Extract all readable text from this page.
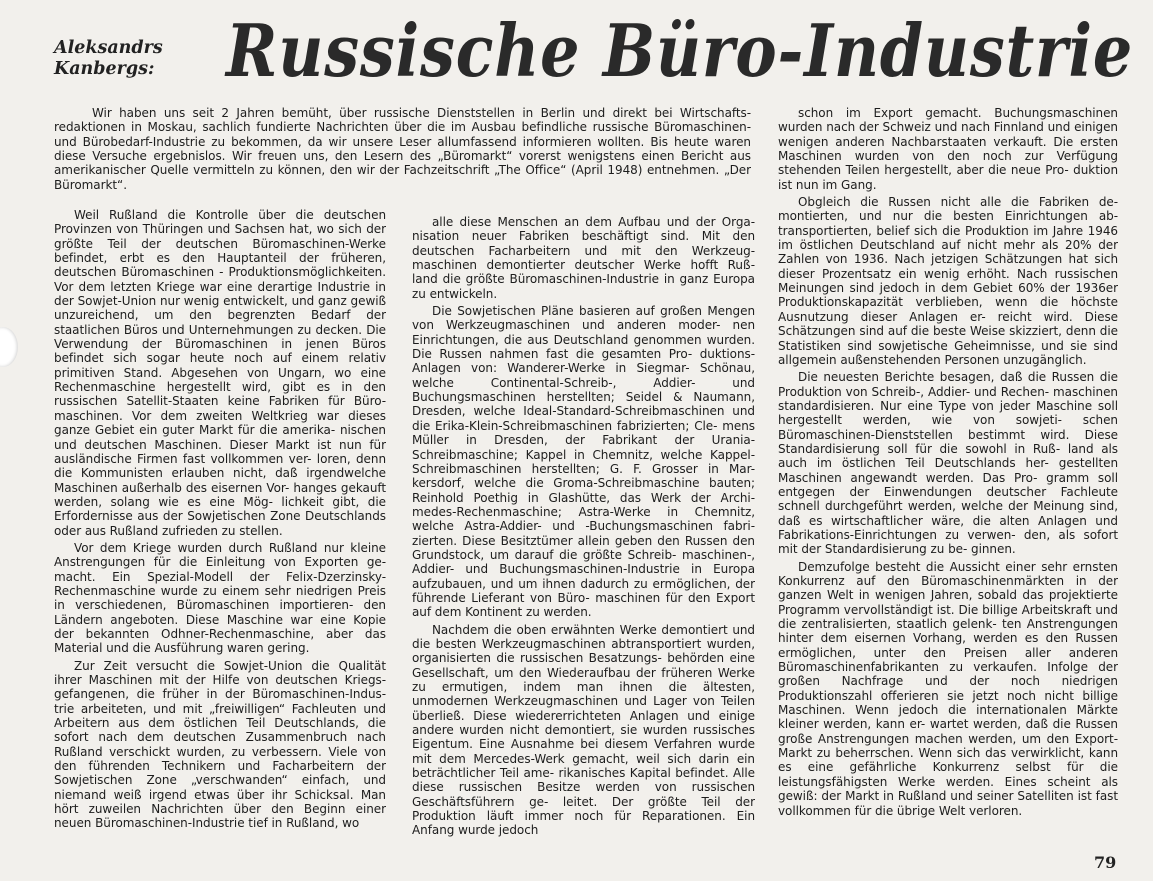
Aleksandrs Kanbergs: Russische Büro-Industrie

Wir haben uns seit 2 Jahren bemüht, über russische Dienststellen in Berlin und direkt bei Wirtschafts- redaktionen in Moskau, sachlich fundierte Nachrichten über die im Ausbau befindliche russische Büromaschinen- und Bürobedarf-Industrie zu bekommen, da wir unsere Leser allumfassend informieren wollten. Bis heute waren diese Versuche ergebnislos. Wir freuen uns, den Lesern des „Büromarkt“ vorerst wenigstens einen Bericht aus amerikanischer Quelle vermitteln zu können, den wir der Fachzeitschrift „The Office“ (April 1948) entnehmen. „Der Büromarkt“.

Weil Rußland die Kontrolle über die deutschen Provinzen von Thüringen und Sachsen hat, wo sich der größte Teil der deutschen Büromaschinen-Werke befindet, erbt es den Hauptanteil der früheren, deutschen Büromaschinen - Produktionsmöglichkeiten. Vor dem letzten Kriege war eine derartige Industrie in der Sowjet-Union nur wenig entwickelt, und ganz gewiß unzureichend, um den begrenzten Bedarf der staatlichen Büros und Unternehmungen zu decken. Die Verwendung der Büromaschinen in jenen Büros befindet sich sogar heute noch auf einem relativ primitiven Stand. Abgesehen von Ungarn, wo eine Rechenmaschine hergestellt wird, gibt es in den russischen Satellit-Staaten keine Fabriken für Büro- maschinen. Vor dem zweiten Weltkrieg war dieses ganze Gebiet ein guter Markt für die amerika- nischen und deutschen Maschinen. Dieser Markt ist nun für ausländische Firmen fast vollkommen ver- loren, denn die Kommunisten erlauben nicht, daß irgendwelche Maschinen außerhalb des eisernen Vor- hanges gekauft werden, solang wie es eine Mög- lichkeit gibt, die Erfordernisse aus der Sowjetischen Zone Deutschlands oder aus Rußland zufrieden zu stellen.

Vor dem Kriege wurden durch Rußland nur kleine Anstrengungen für die Einleitung von Exporten ge- macht. Ein Spezial-Modell der Felix-Dzerzinsky- Rechenmaschine wurde zu einem sehr niedrigen Preis in verschiedenen, Büromaschinen importieren- den Ländern angeboten. Diese Maschine war eine Kopie der bekannten Odhner-Rechenmaschine, aber das Material und die Ausführung waren gering.

Zur Zeit versucht die Sowjet-Union die Qualität ihrer Maschinen mit der Hilfe von deutschen Kriegs- gefangenen, die früher in der Büromaschinen-Indus- trie arbeiteten, und mit „freiwilligen“ Fachleuten und Arbeitern aus dem östlichen Teil Deutschlands, die sofort nach dem deutschen Zusammenbruch nach Rußland verschickt wurden, zu verbessern. Viele von den führenden Technikern und Facharbeitern der Sowjetischen Zone „verschwanden“ einfach, und niemand weiß irgend etwas über ihr Schicksal. Man hört zuweilen Nachrichten über den Beginn einer neuen Büromaschinen-Industrie tief in Rußland, wo

alle diese Menschen an dem Aufbau und der Orga- nisation neuer Fabriken beschäftigt sind. Mit den deutschen Facharbeitern und mit den Werkzeug- maschinen demontierter deutscher Werke hofft Ruß- land die größte Büromaschinen-Industrie in ganz Europa zu entwickeln.

Die Sowjetischen Pläne basieren auf großen Mengen von Werkzeugmaschinen und anderen moder- nen Einrichtungen, die aus Deutschland genommen wurden. Die Russen nahmen fast die gesamten Pro- duktions-Anlagen von: Wanderer-Werke in Siegmar- Schönau, welche Continental-Schreib-, Addier- und Buchungsmaschinen herstellten; Seidel & Naumann, Dresden, welche Ideal-Standard-Schreibmaschinen und die Erika-Klein-Schreibmaschinen fabrizierten; Cle- mens Müller in Dresden, der Fabrikant der Urania- Schreibmaschine; Kappel in Chemnitz, welche Kappel- Schreibmaschinen herstellten; G. F. Grosser in Mar- kersdorf, welche die Groma-Schreibmaschine bauten; Reinhold Poethig in Glashütte, das Werk der Archi- medes-Rechenmaschine; Astra-Werke in Chemnitz, welche Astra-Addier- und -Buchungsmaschinen fabri- zierten. Diese Besitztümer allein geben den Russen den Grundstock, um darauf die größte Schreib- maschinen-, Addier- und Buchungsmaschinen-Industrie in Europa aufzubauen, und um ihnen dadurch zu ermöglichen, der führende Lieferant von Büro- maschinen für den Export auf dem Kontinent zu werden.

Nachdem die oben erwähnten Werke demontiert und die besten Werkzeugmaschinen abtransportiert wurden, organisierten die russischen Besatzungs- behörden eine Gesellschaft, um den Wiederaufbau der früheren Werke zu ermutigen, indem man ihnen die ältesten, unmodernen Werkzeugmaschinen und Lager von Teilen überließ. Diese wiedererrichteten Anlagen und einige andere wurden nicht demontiert, sie wurden russisches Eigentum. Eine Ausnahme bei diesem Verfahren wurde mit dem Mercedes-Werk gemacht, weil sich darin ein beträchtlicher Teil ame- rikanisches Kapital befindet. Alle diese russischen Besitze werden von russischen Geschäftsführern ge- leitet. Der größte Teil der Produktion läuft immer noch für Reparationen. Ein Anfang wurde jedoch

schon im Export gemacht. Buchungsmaschinen wurden nach der Schweiz und nach Finnland und einigen wenigen anderen Nachbarstaaten verkauft. Die ersten Maschinen wurden von den noch zur Verfügung stehenden Teilen hergestellt, aber die neue Pro- duktion ist nun im Gang.

Obgleich die Russen nicht alle die Fabriken de- montierten, und nur die besten Einrichtungen ab- transportierten, belief sich die Produktion im Jahre 1946 im östlichen Deutschland auf nicht mehr als 20% der Zahlen von 1936. Nach jetzigen Schätzungen hat sich dieser Prozentsatz ein wenig erhöht. Nach russischen Meinungen sind jedoch in dem Gebiet 60% der 1936er Produktionskapazität verblieben, wenn die höchste Ausnutzung dieser Anlagen er- reicht wird. Diese Schätzungen sind auf die beste Weise skizziert, denn die Statistiken sind sowjetische Geheimnisse, und sie sind allgemein außenstehenden Personen unzugänglich.

Die neuesten Berichte besagen, daß die Russen die Produktion von Schreib-, Addier- und Rechen- maschinen standardisieren. Nur eine Type von jeder Maschine soll hergestellt werden, wie von sowjeti- schen Büromaschinen-Dienststellen bestimmt wird. Diese Standardisierung soll für die sowohl in Ruß- land als auch im östlichen Teil Deutschlands her- gestellten Maschinen angewandt werden. Das Pro- gramm soll entgegen der Einwendungen deutscher Fachleute schnell durchgeführt werden, welche der Meinung sind, daß es wirtschaftlicher wäre, die alten Anlagen und Fabrikations-Einrichtungen zu verwen- den, als sofort mit der Standardisierung zu be- ginnen.

Demzufolge besteht die Aussicht einer sehr ernsten Konkurrenz auf den Büromaschinenmärkten in der ganzen Welt in wenigen Jahren, sobald das projektierte Programm vervollständigt ist. Die billige Arbeitskraft und die zentralisierten, staatlich gelenk- ten Anstrengungen hinter dem eisernen Vorhang, werden es den Russen ermöglichen, unter den Preisen aller anderen Büromaschinenfabrikanten zu verkaufen. Infolge der großen Nachfrage und der noch niedrigen Produktionszahl offerieren sie jetzt noch nicht billige Maschinen. Wenn jedoch die internationalen Märkte kleiner werden, kann er- wartet werden, daß die Russen große Anstrengungen machen werden, um den Export-Markt zu beherrschen. Wenn sich das verwirklicht, kann es eine gefährliche Konkurrenz selbst für die leistungsfähigsten Werke werden. Eines scheint als gewiß: der Markt in Rußland und seiner Satelliten ist fast vollkommen für die übrige Welt verloren.

79
